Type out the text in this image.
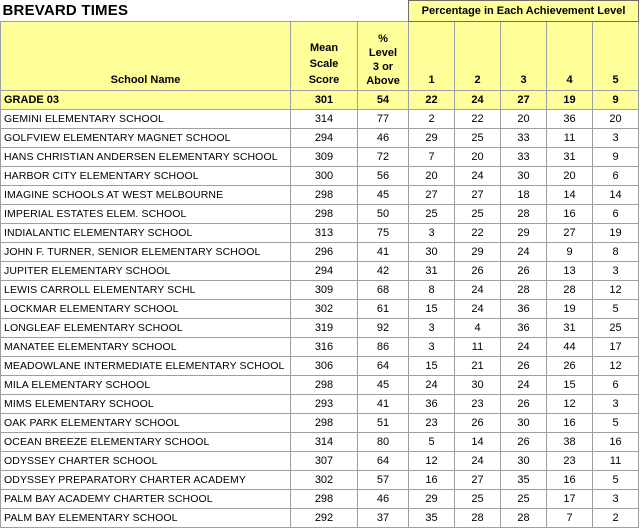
BREVARD TIMES			Percentage in Each Achievement Level				
School Name	Mean Scale Score	%
Level
3 or
Above	1	2	3	4	5
GRADE 03	301	54	22	24	27	19	9
GEMINI ELEMENTARY SCHOOL	314	77	2	22	20	36	20
GOLFVIEW ELEMENTARY MAGNET SCHOOL	294	46	29	25	33	11	3
HANS CHRISTIAN ANDERSEN ELEMENTARY SCHOOL	309	72	7	20	33	31	9
HARBOR CITY ELEMENTARY SCHOOL	300	56	20	24	30	20	6
IMAGINE SCHOOLS AT WEST MELBOURNE	298	45	27	27	18	14	14
IMPERIAL ESTATES ELEM. SCHOOL	298	50	25	25	28	16	6
INDIALANTIC ELEMENTARY SCHOOL	313	75	3	22	29	27	19
JOHN F. TURNER, SENIOR ELEMENTARY SCHOOL	296	41	30	29	24	9	8
JUPITER ELEMENTARY SCHOOL	294	42	31	26	26	13	3
LEWIS CARROLL ELEMENTARY SCHL	309	68	8	24	28	28	12
LOCKMAR ELEMENTARY SCHOOL	302	61	15	24	36	19	5
LONGLEAF ELEMENTARY SCHOOL	319	92	3	4	36	31	25
MANATEE ELEMENTARY SCHOOL	316	86	3	11	24	44	17
MEADOWLANE INTERMEDIATE ELEMENTARY SCHOOL	306	64	15	21	26	26	12
MILA ELEMENTARY SCHOOL	298	45	24	30	24	15	6
MIMS ELEMENTARY SCHOOL	293	41	36	23	26	12	3
OAK PARK ELEMENTARY SCHOOL	298	51	23	26	30	16	5
OCEAN BREEZE ELEMENTARY SCHOOL	314	80	5	14	26	38	16
ODYSSEY CHARTER SCHOOL	307	64	12	24	30	23	11
ODYSSEY PREPARATORY CHARTER ACADEMY	302	57	16	27	35	16	5
PALM BAY ACADEMY CHARTER SCHOOL	298	46	29	25	25	17	3
PALM BAY ELEMENTARY SCHOOL	292	37	35	28	28	7	2
